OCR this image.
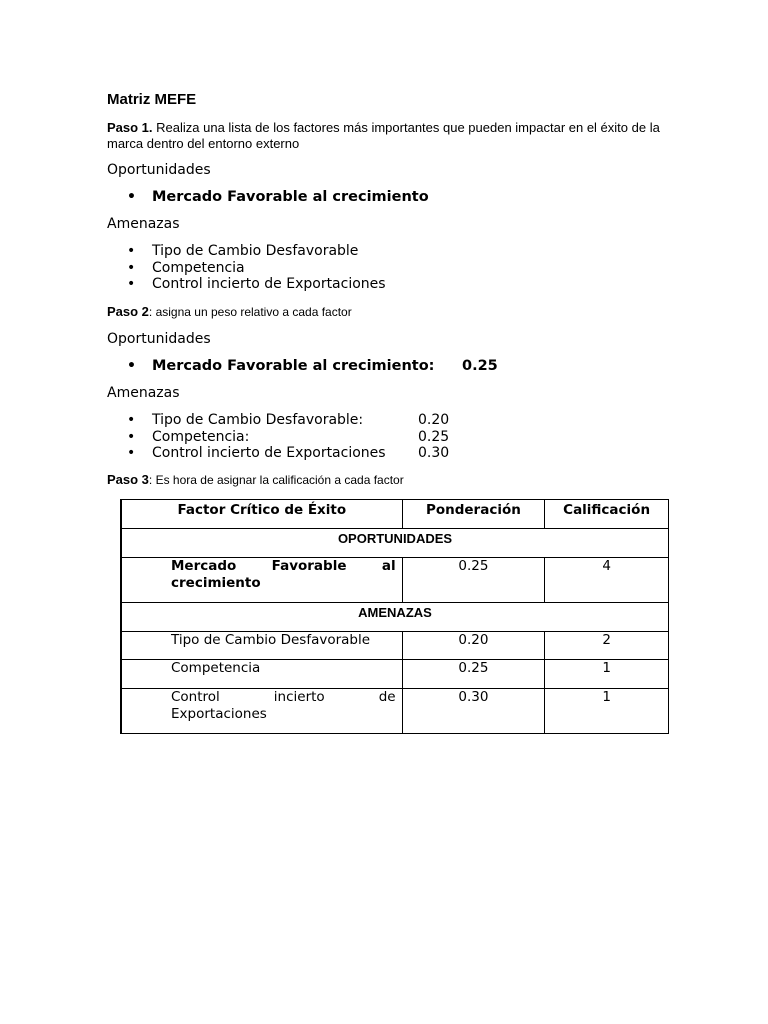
Matriz MEFE
Paso 1. Realiza una lista de los factores más importantes que pueden impactar en el éxito de la marca dentro del entorno externo
Oportunidades
• Mercado Favorable al crecimiento
Amenazas
• Tipo de Cambio Desfavorable
• Competencia
• Control incierto de Exportaciones
Paso 2: asigna un peso relativo a cada factor
Oportunidades
• Mercado Favorable al crecimiento: 0.25
Amenazas
• Tipo de Cambio Desfavorable:	0.20
• Competencia:	0.25
• Control incierto de Exportaciones 0.30
Paso 3: Es hora de asignar la calificación a cada factor
Factor Crítico de Éxito	Ponderación	Calificación
OPORTUNIDADES		
Mercado Favorable al crecimiento	0.25	4
AMENAZAS		
Tipo de Cambio Desfavorable	0.20	2
Competencia	0.25	1
Control incierto de Exportaciones	0.30	1
